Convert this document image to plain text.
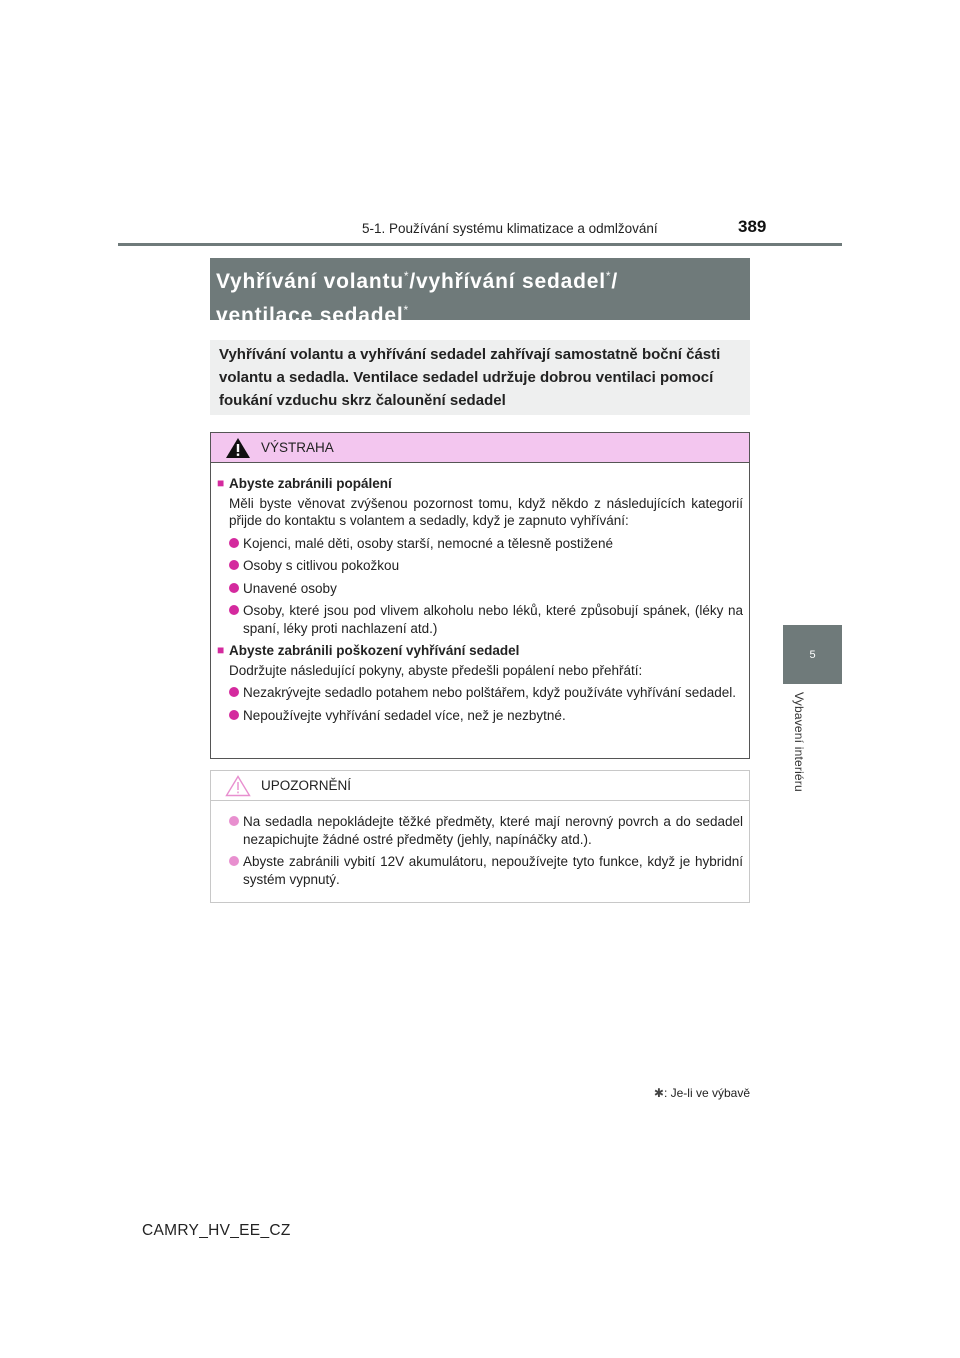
5-1. Používání systému klimatizace a odmlžování	389
5
Vybavení interiéru
Vyhřívání volantu*/vyhřívání sedadel*/
ventilace sedadel*
Vyhřívání volantu a vyhřívání sedadel zahřívají samostatně boční části volantu a sedadla. Ventilace sedadel udržuje dobrou ventilaci pomocí foukání vzduchu skrz čalounění sedadel
VÝSTRAHA
■ Abyste zabránili popálení
Měli byste věnovat zvýšenou pozornost tomu, když někdo z následujících kategorií přijde do kontaktu s volantem a sedadly, když je zapnuto vyhřívání:
Kojenci, malé děti, osoby starší, nemocné a tělesně postižené
Osoby s citlivou pokožkou
Unavené osoby
Osoby, které jsou pod vlivem alkoholu nebo léků, které způsobují spánek, (léky na spaní, léky proti nachlazení atd.)
■ Abyste zabránili poškození vyhřívání sedadel
Dodržujte následující pokyny, abyste předešli popálení nebo přehřátí:
Nezakrývejte sedadlo potahem nebo polštářem, když používáte vyhřívání sedadel.
Nepoužívejte vyhřívání sedadel více, než je nezbytné.
UPOZORNĚNÍ
Na sedadla nepokládejte těžké předměty, které mají nerovný povrch a do sedadel nezapichujte žádné ostré předměty (jehly, napínáčky atd.).
Abyste zabránili vybití 12V akumulátoru, nepoužívejte tyto funkce, když je hybridní systém vypnutý.
✱: Je-li ve výbavě
CAMRY_HV_EE_CZ
